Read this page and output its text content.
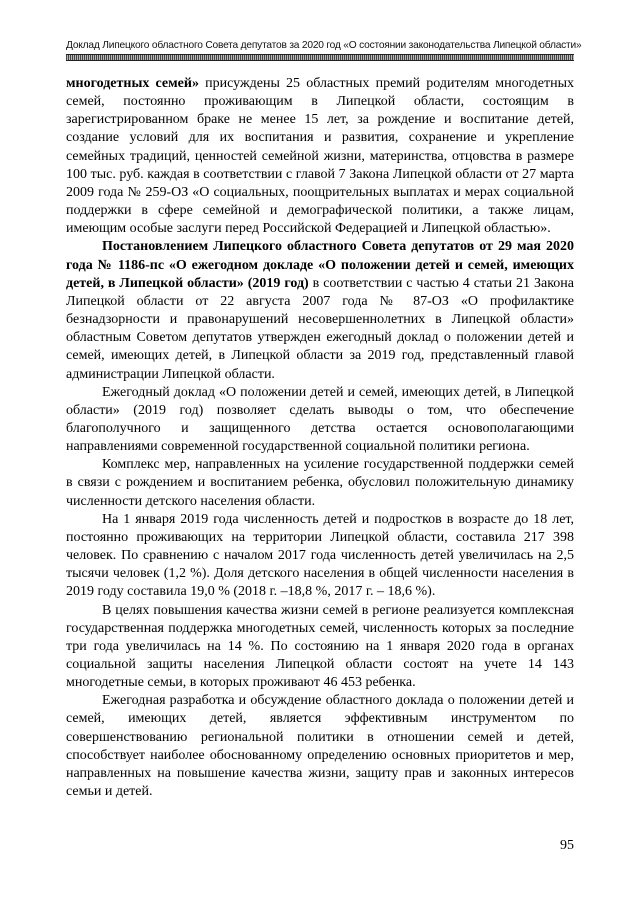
Доклад Липецкого областного Совета депутатов за 2020 год «О состоянии законодательства Липецкой области»

многодетных семей» присуждены 25 областных премий родителям многодетных семей, постоянно проживающим в Липецкой области, состоящим в зарегистрированном браке не менее 15 лет, за рождение и воспитание детей, создание условий для их воспитания и развития, сохранение и укрепление семейных традиций, ценностей семейной жизни, материнства, отцовства в размере 100 тыс. руб. каждая в соответствии с главой 7 Закона Липецкой области от 27 марта 2009 года № 259-ОЗ «О социальных, поощрительных выплатах и мерах социальной поддержки в сфере семейной и демографической политики, а также лицам, имеющим особые заслуги перед Российской Федерацией и Липецкой областью».

Постановлением Липецкого областного Совета депутатов от 29 мая 2020 года № 1186-пс «О ежегодном докладе «О положении детей и семей, имеющих детей, в Липецкой области» (2019 год) в соответствии с частью 4 статьи 21 Закона Липецкой области от 22 августа 2007 года № 87-ОЗ «О профилактике безнадзорности и правонарушений несовершеннолетних в Липецкой области» областным Советом депутатов утвержден ежегодный доклад о положении детей и семей, имеющих детей, в Липецкой области за 2019 год, представленный главой администрации Липецкой области.

Ежегодный доклад «О положении детей и семей, имеющих детей, в Липецкой области» (2019 год) позволяет сделать выводы о том, что обеспечение благополучного и защищенного детства остается основополагающими направлениями современной государственной социальной политики региона.

Комплекс мер, направленных на усиление государственной поддержки семей в связи с рождением и воспитанием ребенка, обусловил положительную динамику численности детского населения области.

На 1 января 2019 года численность детей и подростков в возрасте до 18 лет, постоянно проживающих на территории Липецкой области, составила 217 398 человек. По сравнению с началом 2017 года численность детей увеличилась на 2,5 тысячи человек (1,2 %). Доля детского населения в общей численности населения в 2019 году составила 19,0 % (2018 г. –18,8 %, 2017 г. – 18,6 %).

В целях повышения качества жизни семей в регионе реализуется комплексная государственная поддержка многодетных семей, численность которых за последние три года увеличилась на 14 %. По состоянию на 1 января 2020 года в органах социальной защиты населения Липецкой области состоят на учете 14 143 многодетные семьи, в которых проживают 46 453 ребенка.

Ежегодная разработка и обсуждение областного доклада о положении детей и семей, имеющих детей, является эффективным инструментом по совершенствованию региональной политики в отношении семей и детей, способствует наиболее обоснованному определению основных приоритетов и мер, направленных на повышение качества жизни, защиту прав и законных интересов семьи и детей.

95
